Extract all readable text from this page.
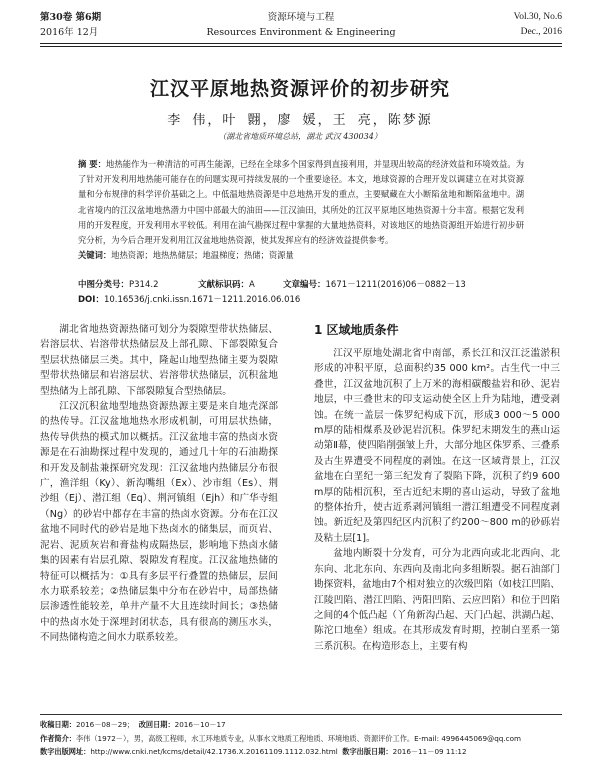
第30卷 第6期
2016年 12月
资源环境与工程
Resources Environment & Engineering
Vol.30, No.6
Dec., 2016
江汉平原地热资源评价的初步研究
李 伟，叶 翾，廖 媛，王 亮，陈梦源
（湖北省地质环境总站，湖北 武汉 430034）
摘 要：地热能作为一种清洁的可再生能源，已经在全球多个国家得到直接利用，并显现出较高的经济效益和环境效益。为了针对开发利用地热能可能存在的问题实现可持续发展的一个重要途径。本文，地球资源的合理开发以调建立在对其资源量和分布规律的科学评价基础之上。中低温地热资源是中总地热开发的重点，主要赋藏在大小断陷盆地和断陷盆地中。湖北省境内的江汉盆地地热潜力中国中部最大的油田——江汉油田，其所处的江汉平原地区地热资源十分丰富。根据它发利用的开发程度，开发利用水平较低。利用在油气勘探过程中掌握的大量地热资料，对该地区的地热资源组开始进行初步研究分析，为今后合理开发利用江汉盆地地热资源，使其发挥应有的经济效益提供参考。
关键词：地热资源；地热热储层；地温梯度；热储；资源量
中图分类号：P314.2	文献标识码：A	文章编号：1671－1211(2016)06－0882－13
DOI：10.16536/j.cnki.issn.1671－1211.2016.06.016

湖北省地热资源热储可划分为裂隙型带状热储层、岩溶层状、岩溶带状热储层及上部孔隙、下部裂隙复合型层状热储层三类。其中，隆起山地型热储主要为裂隙型带状热储层和岩溶层状、岩溶带状热储层，沉积盆地型热储为上部孔隙、下部裂隙复合型热储层。

江汉沉积盆地型地热资源热源主要是来自地壳深部的热传导。江汉盆地地热水形成机制，可用层状热储，热传导供热的模式加以概括。江汉盆地丰富的热卤水资源是在石油勘探过程中发现的，通过几十年的石油勘探和开发及制盐兼探研究发现：江汉盆地内热储层分布很广，渔洋组（Ky）、新沟嘴组（Ex）、沙市组（Es）、荆沙组（Ej）、潜江组（Eq）、荆河镇组（Ejh）和广华寺组（Ng）的砂岩中都存在丰富的热卤水资源。分布在江汉盆地不同时代的砂岩是地下热卤水的储集层，而页岩、泥岩、泥质灰岩和膏盐构成隔热层，影响地下热卤水储集的因素有岩层孔隙、裂隙发育程度。江汉盆地热储的特征可以概括为：①具有多层平行叠置的热储层，层间水力联系较差；②热储层集中分布在砂岩中，局部热储层渗透性能较差，单井产量不大且连续时间长；③热储中的热卤水处于深埋封闭状态，具有很高的测压水头，不同热储构造之间水力联系较差。

1 区域地质条件

江汉平原地处湖北省中南部，系长江和汉江泛滥淤积形成的冲积平原，总面积约35 000 km²。古生代一中三叠世，江汉盆地沉积了上万米的海相碳酸盐岩和砂、泥岩地层，中三叠世末的印支运动使全区上升为陆地，遭受剥蚀。在统一盖层一侏罗纪构成下沉，形成3 000～5 000 m厚的陆相煤系及砂泥岩沉积。侏罗纪末期发生的燕山运动第Ⅱ幕，使四陷削强皱上升，大部分地区侏罗系、三叠系及古生界遭受不同程度的剥蚀。在这一区域背景上，江汉盆地在白垩纪一第三纪发育了裂陷下降，沉积了约9 600 m厚的陆相沉积，至古近纪末期的喜山运动，导致了盆地的整体抬升，使古近系剥河镇组一潜江组遭受不同程度剥蚀。新近纪及第四纪区内沉积了约200～800 m的砂砾岩及粘土层[1]。

盆地内断裂十分发育，可分为北西向或北北西向、北东向、北北东向、东西向及南北向多组断裂。据石油部门勘探资料，盆地由7个相对独立的次级凹陷（如枝江凹陷、江陵凹陷、潜江凹陷、沔阳凹陷、云应凹陷）和位于凹陷之间的4个低凸起（丫角新沟凸起、天门凸起、洪湖凸起、陈沱口地垒）组成。在其形成发育时期，控制白垩系一第三系沉积。在构造形态上，主要有构

收稿日期：2016－08－29； 改回日期：2016－10－17
作者简介：李伟（1972－），男，高级工程师，水工环地质专业，从事水文地质工程地质、环境地质、资源评价工作。E-mail: 4996445069@qq.com
数字出版网址：http://www.cnki.net/kcms/detail/42.1736.X.20161109.1112.032.html 数字出版日期：2016－11－09 11:12
